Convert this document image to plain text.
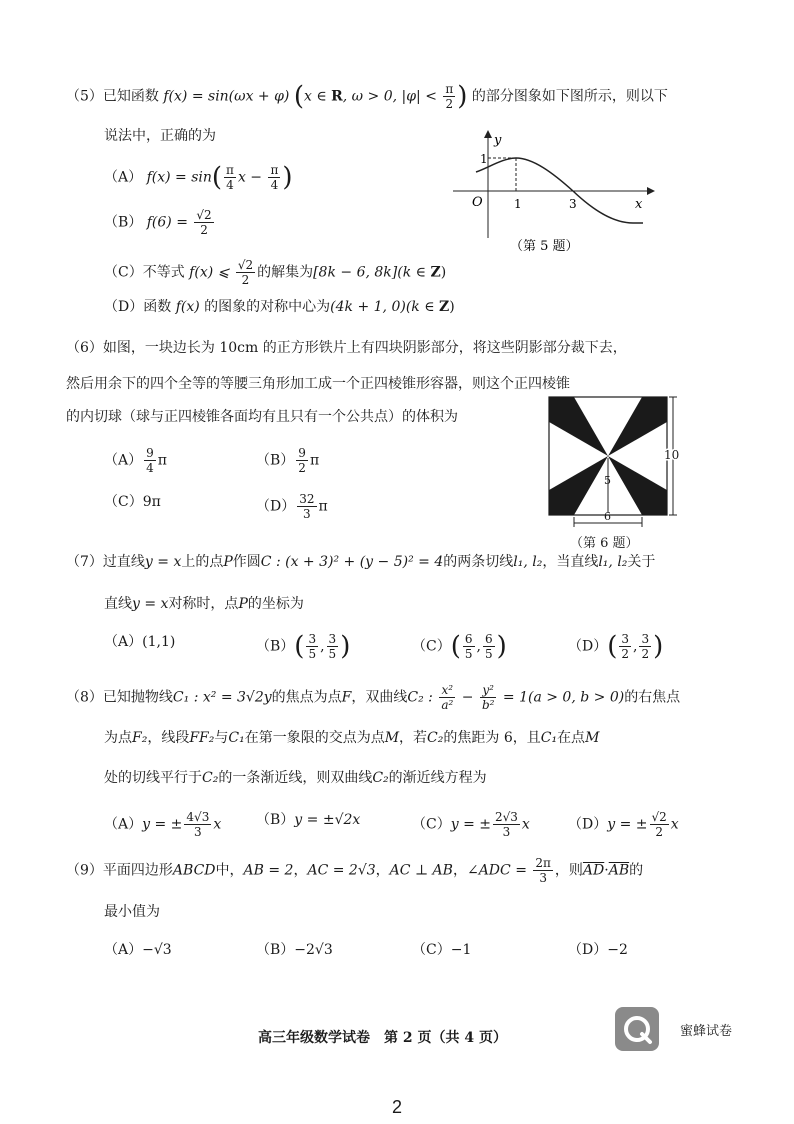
（5）已知函数 f(x) = sin(ωx + φ) (x ∈ R, ω > 0, $|\varphi| < \frac{\pi}{2}$ ) 的部分图象如下图所示，则以下
说法中，正确的为
（A） $f(x) = \sin( \frac{\pi}{4}$ $x - \frac{\pi}{4}$ )
（B） $f(6) = \frac{√2}{2}$
（C）不等式 f(x) ⩽ $\frac{√2}{2}$ 的解集为[8k − 6, 8k](k ∈ Z)
（D）函数 f(x) 的图象的对称中心为(4k + 1, 0)(k ∈ Z)
y
1
O	1	3	x
（第 5 题）
（6）如图，一块边长为 10cm 的正方形铁片上有四块阴影部分，将这些阴影部分裁下去，
然后用余下的四个全等的等腰三角形加工成一个正四棱锥形容器，则这个正四棱锥
的内切球（球与正四棱锥各面均有且只有一个公共点）的体积为
$(A) \frac{9}{4}$ π	$(B) \frac{9}{2}$ π
（C）9π	$(D) \frac{32}{3}$ π
10
5
6
（第 6 题）
（7）过直线y = x上的点P作圆C : (x + 3)² + (y − 5)² = 4的两条切线l₁, l₂，当直线l₁, l₂关于
直线y = x对称时，点P的坐标为
（A）(1,1)	$(B)( \frac{3}{5}$ , $\frac{3}{5}$ )	$(C)( \frac{6}{5}$ , $\frac{6}{5}$ )	$(D)( \frac{3}{2}$ , $\frac{3}{2}$ )
（8）已知抛物线C₁ : x² = 3√2y的焦点为点F，双曲线C₂ : $\frac{\text{x²}}{\text{a²}} - \frac{\text{y²}}{\text{b²}} = 1(a > 0$, b > 0)的右焦点
为点F₂，线段FF₂与C₁在第一象限的交点为点M，若C₂的焦距为 6，且C₁在点M
处的切线平行于C₂的一条渐近线，则双曲线C₂的渐近线方程为
（A）y = ± $\frac{4√3}{3}$ x （B）y = ±√2x	（C）y = ± $\frac{2√3}{3}$ x	（D）y = ± $\frac{√2}{2}$ x
（9）平面四边形ABCD中，AB = 2，AC = 2√3，AC ⊥ AB，∠ADC = $\frac{2\pi}{3}$ ，则$\overline{AD}\cdot\overline{AB}$的
最小值为
（A）−√3	（B）−2√3	（C）−1	（D）−2
高三年级数学试卷　第 2 页（共 4 页）	蜜蜂试卷
2
